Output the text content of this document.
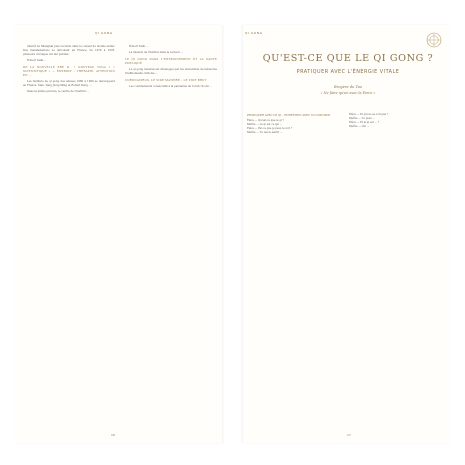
QI GONG

intérêt de Shanghai puis reconnu dans le conseil du monde entier. Des manifestations se déroulent en France, de 1976 à 1978, plusieurs ouvrages ont été publiés.

Robert Yalat…

DE LA NOUVELLE ÈRE ⑩ • NOUVEAU YOGA • « SCIENTIFIQUE » — ÉNERGIE – THÉRAPIE, ATTENTION EN ...

Les instituts de qi gong des années 1980 à 1990 se développent en France. Xian, Yang Jiong-Ming et Robert Peng, ...

Dans la même période, le centre de l'institut ...

Robert Tallu ...

La mission de l'institut dans le secteur ...

LE QI GONG DANS L'ENSEIGNEMENT ET LA SANTÉ PUBLIQUE

Le qi gong médical est développé par les universités de médecine traditionnelle chinoise ...

CORONAVIRUS, LE VIDE MATIÈRE – LE VIDE BRUT

Les confinements consécutifs à la pandémie de Covid-19 ont ...

16
QI GONG
QU'EST-CE QUE LE QI GONG ?
PRATIQUER AVEC L'ÉNERGIE VITALE
Bruyère du Tao
« Ne faire qu'un avec la Force »
PRATIQUER AVEC LE QI – ENTRETIEN AVEC UN DISCIPLE

Élève — Qu'est-ce que le qi ?

Maître — Le qi est ce qui …

Élève — Est-ce que je peux le voir ?

Maître — Tu vas le sentir …

Élève — Et qui ne se voit pas ?

Maître — Tu peux …

Élève — Et le qi est … ?

Maître — Oui …

17
